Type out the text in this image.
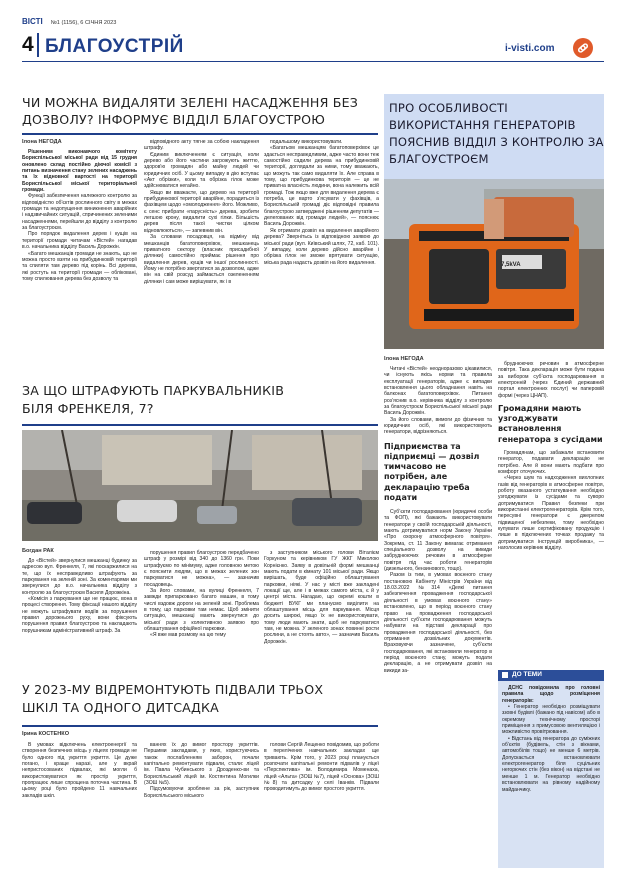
ВІСТІ №1 (1156), 6 СІЧНЯ 2023
4 БЛАГОУСТРІЙ	i-visti.com
ЧИ МОЖНА ВИДАЛЯТИ ЗЕЛЕНІ НАСАДЖЕННЯ БЕЗ
ДОЗВОЛУ? ІНФОРМУЄ ВІДДІЛ БЛАГОУСТРОЮ
Ілона НЕГОДА

Рішенням виконавчого комітету Бориспільської міської ради від 15 грудня оновлено склад постійно діючої комісії з питань визначення стану зелених насаджень та їх відновної вартості на території Бориспільської міської територіальної громади.

Функції забезпечення належного контролю за відповідністю об'єктів рослинного світу в межах громади та недопущення виникнення аварійних і надзвичайних ситуацій, спричинених зеленими насадженнями, перейшли до відділу з контролю за благоустроєм.

Про порядок видалення дерев і кущів на території громади читачам «Вістей» нагадав в.о. начальника відділу Василь Дорожкін.

«Багато мешканців громади не знають, що не можна просто взяти на прибудинковій території та спиляти там дерево під корінь. Всі дерева, які ростуть на території громади — обліковані, тому спилювання дерева без дозволу та

відповідного акту тягне за собою накладення штрафу.

Єдиним виключенням є ситуація, коли дерево або його частини загрожують життю, здоров'ю громадян або майну людей чи юридичних осіб. У цьому випадку в дію вступає «Акт обрізки», коли та обрізка гілок може здійснюватися негайно.

Якщо ви вважаєте, що дерево на території прибудинкової території аварійне, порадиться із фахівцем щодо «омолодження» його. Можливо, є сенс прибрати «парусність» дерева, зробити легшою крону, видалити сухі гілки. Більшість дерев після такої чистки цілком відновлюються», — запевнив він.

За словами посадовця, на відміну від мешканців багатоповерхівок, мешканець приватного сектору (власник присадибної ділянки) самостійно приймає рішення про видалення дерев, кущів чи іншої рослинності. Йому не потрібно звертатися за дозволом, адже він на свій розсуд займається озелененням ділянки і сам може вирішувати, як і в

подальшому використовувати.

«Багатьом мешканцям багатоповерхівок це здається несправедливим, адже часто вони теж самостійно садили дерева на прибудинковій території, доглядали за ними, тому вважають, що можуть так само видаляти їх. Але справа в тому, що прибудинкова територія — це не приватна власність людини, вона належить всій громаді. Тож якщо вже для видалення дерева є потреба, це варто з’ясувати у фахівців, а Бориспільській громаді діє відповідні правила благоустрою затверджені рішенням депутатів — делегованих від громади людей», — пояснює Василь Дорожкін.

Як отримати дозвіл на видалення аварійного дерева? Звернітьсь із відповідною заявою до міської ради (вул. Київський шлях, 72, каб. 101). У випадку, коли дерево дійсно аварійне і обрізка гілок не зможе врятувати ситуацію, міська рада надасть дозвіл на його видалення.

ПРО ОСОБЛИВОСТІ
ВИКОРИСТАННЯ ГЕНЕРАТОРІВ
ПОЯСНИВ ВІДДІЛ З КОНТРОЛЮ ЗА
БЛАГОУСТРОЄМ
7,5kVA
Ілона НЕГОДА

Читачі «Вістей» неодноразово цікавилися, чи існують якісь норми та правила експлуатації генераторів, адже є випадки встановлення цього обладнання навіть на балконах багатоповерхівок. Питання роз’яснив в.о. керівника відділу з контролю за благоустроєм Бориспільської міської ради Василь Дорожкін.

За його словами, вимоги до фізичних та юридичних осіб, які використовують генератори, відрізняються.

Підприємства та підприємці — дозвіл тимчасово не потрібен, але декларацію треба подати

Суб’єкти господарювання (юридичні особи та ФОП), які бажають використовувати генератори у своїй господарській діяльності, мають дотримуватися норм Закону України «Про охорону атмосферного повітря». Зокрема, ст. 11 Закону вимагає отримання спеціального дозволу на викиди забруднюючих речовин в атмосферне повітря під час роботи генераторів (дизельного, бензинового, тощо).

Разом із тим, в умовах воєнного стану постановою Кабінету Міністрів України від 18.03.2022 №314 «Деякі питання забезпечення провадження господарської діяльності в умовах воєнного стану» встановлено, що в період воєнного стану право на провадження господарської діяльності суб’єкти господарювання можуть набувати на підставі декларації про провадження господарської діяльності, без отримання дозвільних документів. Враховуючи зазначене, суб’єкти господарювання, які встановили генератор в період воєнного стану, можуть подати декларацію, а не отримувати дозвіл на викиди за-

бруднюючих речовин в атмосферне повітря. Така декларація може бути подана за вибором суб’єкта господарювання в електронній (через Єдиний державний портал електронних послуг) чи паперовій формі (через ЦНАП).

Громадяни мають узгоджувати встановлення генератора з сусідами

Громадянам, що забажали встановити генератор, подавати декларацію не потрібно. Але й вони мають подбати про комфорт оточуючих.

«Через шум та надходження вихлопних газів від генераторів в атмосферне повітря, роботу вказаного устаткування необхідно узгоджувати із сусідами та суворо дотримуватися Правил безпеки при використанні електрогенераторів. Крім того, пересувні генератори є джерелом підвищеної небезпеки, тому необхідно купувати лише сертифіковану продукцію і лише в підключених точках продажу та дотримуватися інструкцій виробника», — наголосив керівник відділу.

ДО ТЕМИ

ДСНС повідомила про головні правила щодо розміщення генераторів:

• Генератор необхідно розміщувати ззовні будівлі (бажано під навісом) або в окремому технічному просторі приміщення з примусовою вентиляцією і можливістю провітрювання.

• Відстань від генератора до суміжних об’єктів (будівель, стін з вікнами, автомобілів тощо) не менше 6 метрів. Допускається встановлювати електрогенератор біля суцільних негорючих стін (без вікон) на відстані не менше 1 м. Генератор необхідно встановлювати на рівному надійному майданчику.

ЗА ЩО ШТРАФУЮТЬ ПАРКУВАЛЬНИКІВ
БІЛЯ ФРЕНКЕЛЯ, 7?
Богдан РАК

До «Вістей» звернулися мешканці будинку за адресою вул. Френкеля, 7, які поскаржилися на те, що їх несправедливо штрафують за паркування на зеленій зоні. За коментарями ми звернулися до в.о. начальника відділу з контролю за благоустроєм Василя Дорожкіна.

«Комісія з паркування ще не працює, вона в процесі створення. Тому фіксації нашого відділу не можуть штрафувати водіїв за порушення правил дорожнього руху, вони фіксують порушення правил благоустрою та накладають порушникам адміністративний штраф. За

порушення правил благоустрою передбачено штраф у розмірі від 340 до 1360 грн. Поки штрафуємо по мінімуму, адже головною метою є пояснити людям, що в межах зелених зон паркуватися не можна», — зазначив посадовець.

За його словами, на вулиці Френкеля, 7 завжди припарковано багато машин, в тому числі вздовж дороги на зеленій зоні. Проблема в тому, що парковки там немає. Щоб змінити ситуацію, мешканці мають звернутися до міської ради з колективною заявою про облаштування офіційної парковки.

«Я вже мав розмову на цю тему

з заступником міського голови Віталієм Горкуном та керівником ГУ ЖКГ Миколою Корнієнко. Заяву в довільній формі мешканці мають подати в кімнату 101 міської ради. Якщо вирішать, буде офіційно облаштування парковки, ніякі. У нас у місті вже закладені локації ще, але і в межах самого міста, є й у центрі міста. Нагадаю, що окремі кошти в бюджеті ВУКГ ми плануємо виділити на облаштування місць для паркування. Місця досить широкі, якщо їх не використовувати, тому люди мають знати, щоб не паркуватися там, не можна. У зеленого зонах повинні рости рослини, а не стоять авто», — зазначив Василь Дорожкін.

У 2023-МУ ВІДРЕМОНТУЮТЬ ПІДВАЛИ ТРЬОХ
ШКІЛ ТА ОДНОГО ДИТСАДКА
Ірина КОСТЕНКО

В умовах відключень електроенергії та створення безпечних місць у ліцеях громади не було одного під укриття укриття. Це дуже погано, і краще наразі, але у вкрай непристосованих підвалах, які могли б використовуватися як простір укриття, пропрацює лише спрощена поточна частина. В цьому році було пройдено 11 навчальних закладів шкіл.

ваннях їх до вимог простору укриттів. Першими закладами, у яких, користуючись також послабленням заборон, почали капітально ремонтувати підвали, стали: ліцей ім. Павла Чубинського з Дрозденко-ви та Бориспільський ліцей ім. Костянтина Могилки (ЗОШ №5).

Підсумовуючи зроблене за рік, заступник Бориспільського міського

голови Сергій Лещенко повідомив, що роботи в перелічених навчальних закладах ще тривають. Крім того, у 2023 році планується розпочати капітальні ремонти підвалів у ліцеї «Перспектива» ім. Володимира Моменаха, ліцей «Альта» (ЗОШ №7), ліцей «Основа» (ЗОШ №8) та дитсадку у селі Іванків. Підвали проводитимуть до вимог простого укриття.
